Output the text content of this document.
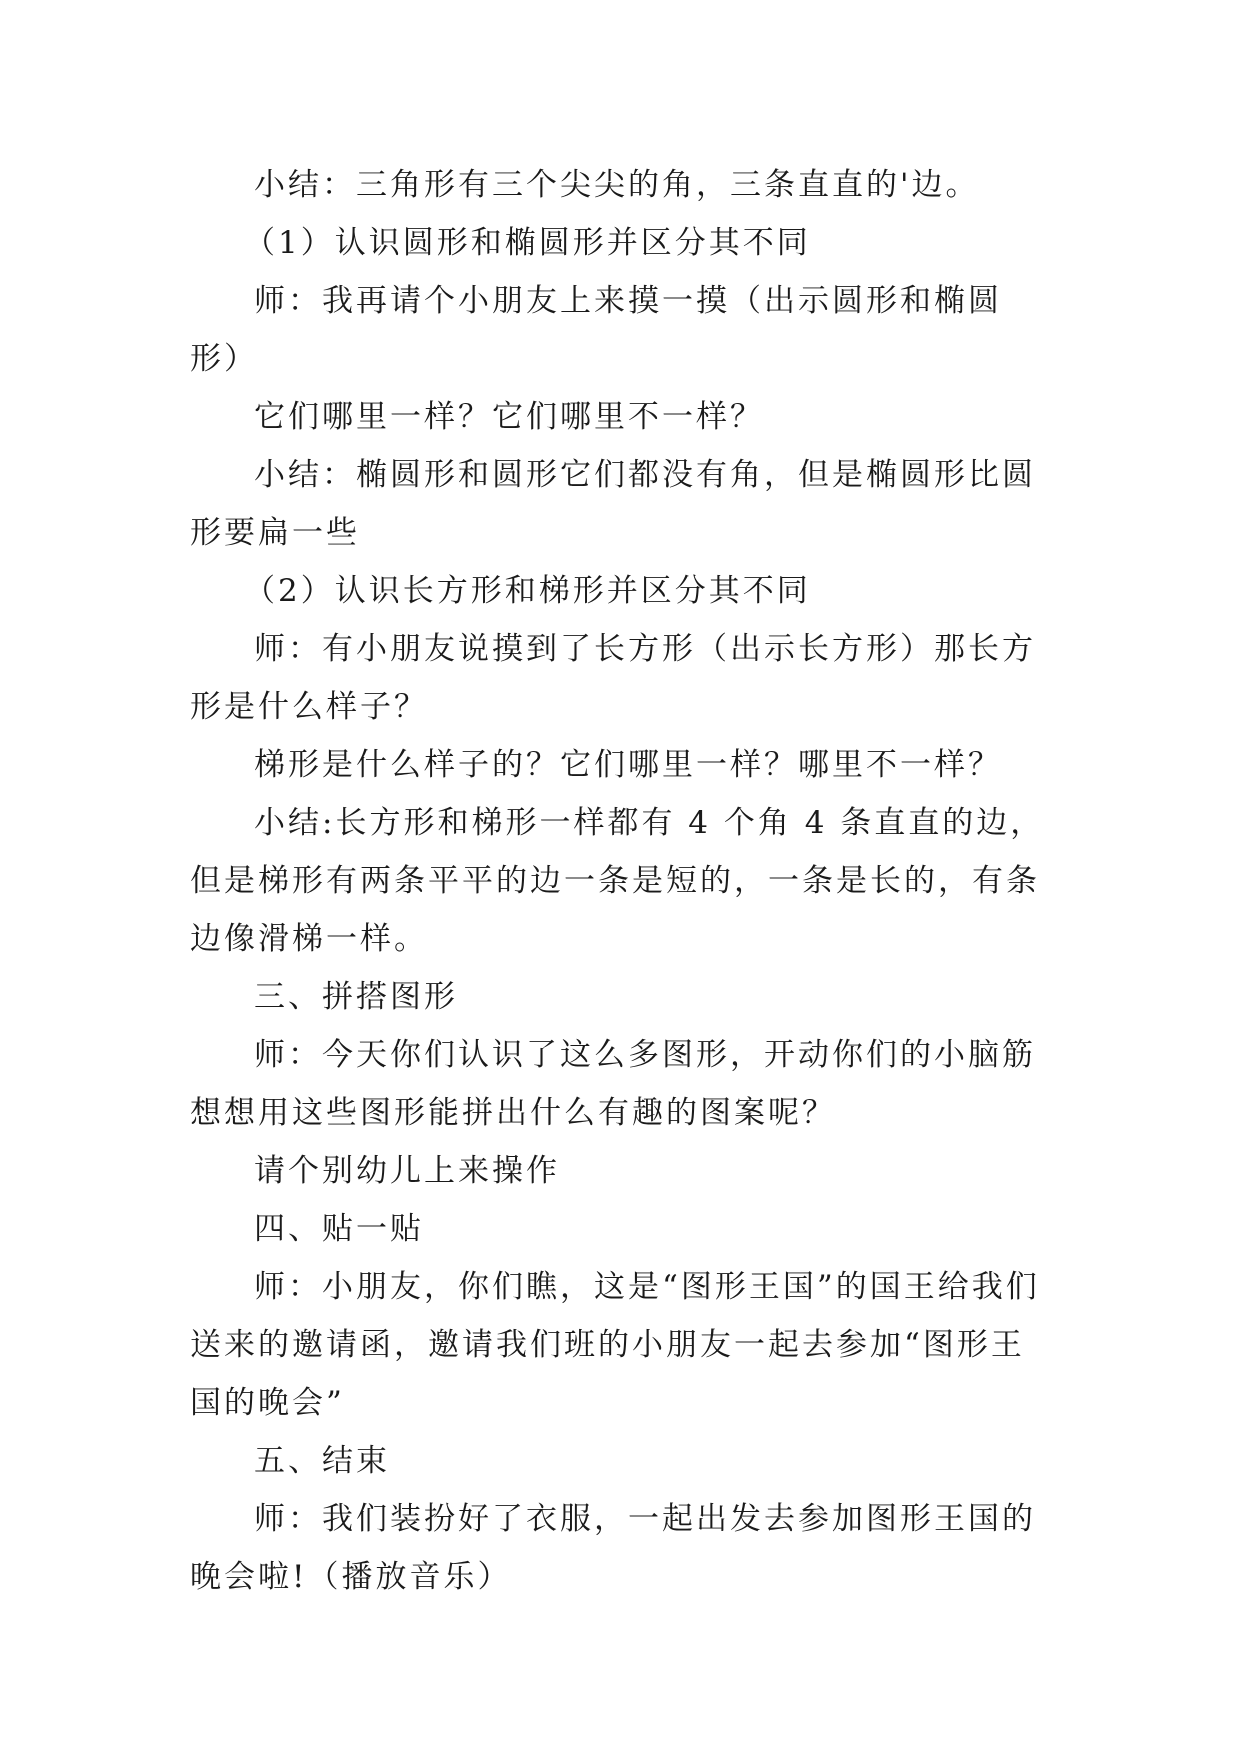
小结：三角形有三个尖尖的角，三条直直的'边。

（1）认识圆形和椭圆形并区分其不同

师：我再请个小朋友上来摸一摸（出示圆形和椭圆形）

它们哪里一样？它们哪里不一样？

小结：椭圆形和圆形它们都没有角，但是椭圆形比圆形要扁一些

（2）认识长方形和梯形并区分其不同

师：有小朋友说摸到了长方形（出示长方形）那长方形是什么样子？

梯形是什么样子的？它们哪里一样？哪里不一样？

小结:长方形和梯形一样都有 4 个角 4 条直直的边，但是梯形有两条平平的边一条是短的，一条是长的，有条边像滑梯一样。

三、拼搭图形

师：今天你们认识了这么多图形，开动你们的小脑筋想想用这些图形能拼出什么有趣的图案呢？

请个别幼儿上来操作

四、贴一贴

师：小朋友，你们瞧，这是“图形王国”的国王给我们送来的邀请函，邀请我们班的小朋友一起去参加“图形王国的晚会”

五、结束

师：我们装扮好了衣服，一起出发去参加图形王国的晚会啦!（播放音乐）
